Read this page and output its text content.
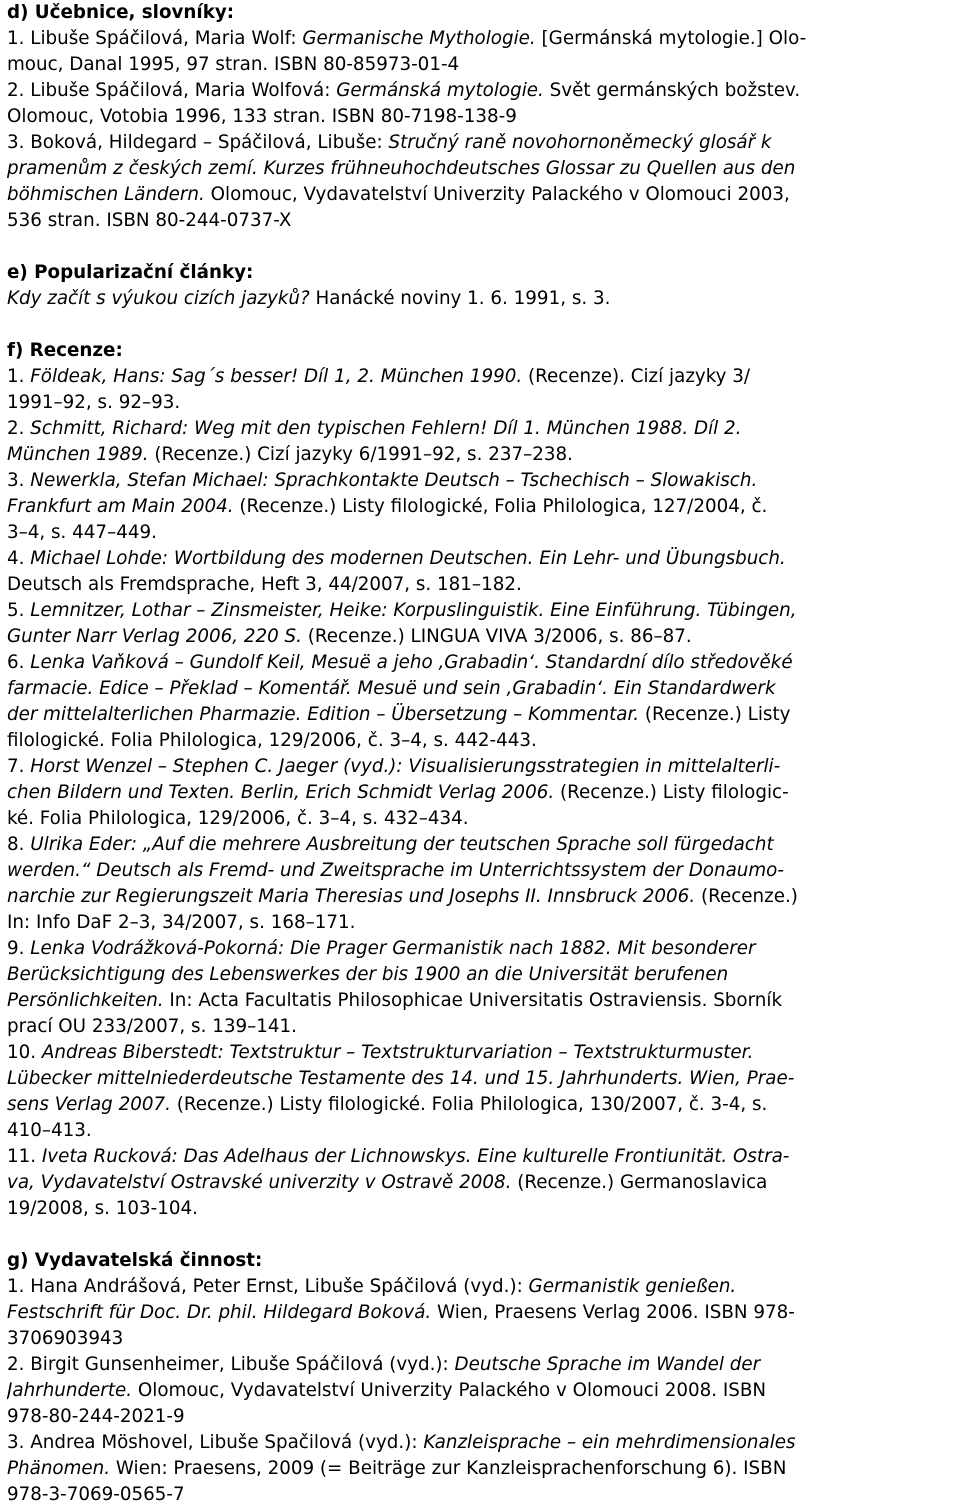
d) Učebnice, slovníky:
1. Libuše Spáčilová, Maria Wolf: Germanische Mythologie. [Germánská mytologie.] Olo-
mouc, Danal 1995, 97 stran. ISBN 80-85973-01-4
2. Libuše Spáčilová, Maria Wolfová: Germánská mytologie. Svět germánských božstev.
Olomouc, Votobia 1996, 133 stran. ISBN 80-7198-138-9
3. Boková, Hildegard – Spáčilová, Libuše: Stručný raně novohornoněmecký glosář k
pramenům z českých zemí. Kurzes frühneuhochdeutsches Glossar zu Quellen aus den
böhmischen Ländern. Olomouc, Vydavatelství Univerzity Palackého v Olomouci 2003,
536 stran. ISBN 80-244-0737-X
e) Popularizační články:
Kdy začít s výukou cizích jazyků? Hanácké noviny 1. 6. 1991, s. 3.
f) Recenze:
1. Földeak, Hans: Sag´s besser! Díl 1, 2. München 1990. (Recenze). Cizí jazyky 3/
1991–92, s. 92–93.
2. Schmitt, Richard: Weg mit den typischen Fehlern! Díl 1. München 1988. Díl 2.
München 1989. (Recenze.) Cizí jazyky 6/1991–92, s. 237–238.
3. Newerkla, Stefan Michael: Sprachkontakte Deutsch – Tschechisch – Slowakisch.
Frankfurt am Main 2004. (Recenze.) Listy filologické, Folia Philologica, 127/2004, č.
3–4, s. 447–449.
4. Michael Lohde: Wortbildung des modernen Deutschen. Ein Lehr- und Übungsbuch.
Deutsch als Fremdsprache, Heft 3, 44/2007, s. 181–182.
5. Lemnitzer, Lothar – Zinsmeister, Heike: Korpuslinguistik. Eine Einführung. Tübingen,
Gunter Narr Verlag 2006, 220 S. (Recenze.) LINGUA VIVA 3/2006, s. 86–87.
6. Lenka Vaňková – Gundolf Keil, Mesuë a jeho ‚Grabadin‘. Standardní dílo středověké
farmacie. Edice – Překlad – Komentář. Mesuë und sein ‚Grabadin‘. Ein Standardwerk
der mittelalterlichen Pharmazie. Edition – Übersetzung – Kommentar. (Recenze.) Listy
filologické. Folia Philologica, 129/2006, č. 3–4, s. 442-443.
7. Horst Wenzel – Stephen C. Jaeger (vyd.): Visualisierungsstrategien in mittelalterli-
chen Bildern und Texten. Berlin, Erich Schmidt Verlag 2006. (Recenze.) Listy filologic-
ké. Folia Philologica, 129/2006, č. 3–4, s. 432–434.
8. Ulrika Eder: „Auf die mehrere Ausbreitung der teutschen Sprache soll fürgedacht
werden.“ Deutsch als Fremd- und Zweitsprache im Unterrichtssystem der Donaumo-
narchie zur Regierungszeit Maria Theresias und Josephs II. Innsbruck 2006. (Recenze.)
In: Info DaF 2–3, 34/2007, s. 168–171.
9. Lenka Vodrážková-Pokorná: Die Prager Germanistik nach 1882. Mit besonderer
Berücksichtigung des Lebenswerkes der bis 1900 an die Universität berufenen
Persönlichkeiten. In: Acta Facultatis Philosophicae Universitatis Ostraviensis. Sborník
prací OU 233/2007, s. 139–141.
10. Andreas Biberstedt: Textstruktur – Textstrukturvariation – Textstrukturmuster.
Lübecker mittelniederdeutsche Testamente des 14. und 15. Jahrhunderts. Wien, Prae-
sens Verlag 2007. (Recenze.) Listy filologické. Folia Philologica, 130/2007, č. 3-4, s.
410–413.
11. Iveta Rucková: Das Adelhaus der Lichnowskys. Eine kulturelle Frontiunität. Ostra-
va, Vydavatelství Ostravské univerzity v Ostravě 2008. (Recenze.) Germanoslavica
19/2008, s. 103-104.
g) Vydavatelská činnost:
1. Hana Andrášová, Peter Ernst, Libuše Spáčilová (vyd.): Germanistik genießen.
Festschrift für Doc. Dr. phil. Hildegard Boková. Wien, Praesens Verlag 2006. ISBN 978-
3706903943
2. Birgit Gunsenheimer, Libuše Spáčilová (vyd.): Deutsche Sprache im Wandel der
Jahrhunderte. Olomouc, Vydavatelství Univerzity Palackého v Olomouci 2008. ISBN
978-80-244-2021-9
3. Andrea Möshovel, Libuše Spačilová (vyd.): Kanzleisprache – ein mehrdimensionales
Phänomen. Wien: Praesens, 2009 (= Beiträge zur Kanzleisprachenforschung 6). ISBN
978-3-7069-0565-7
